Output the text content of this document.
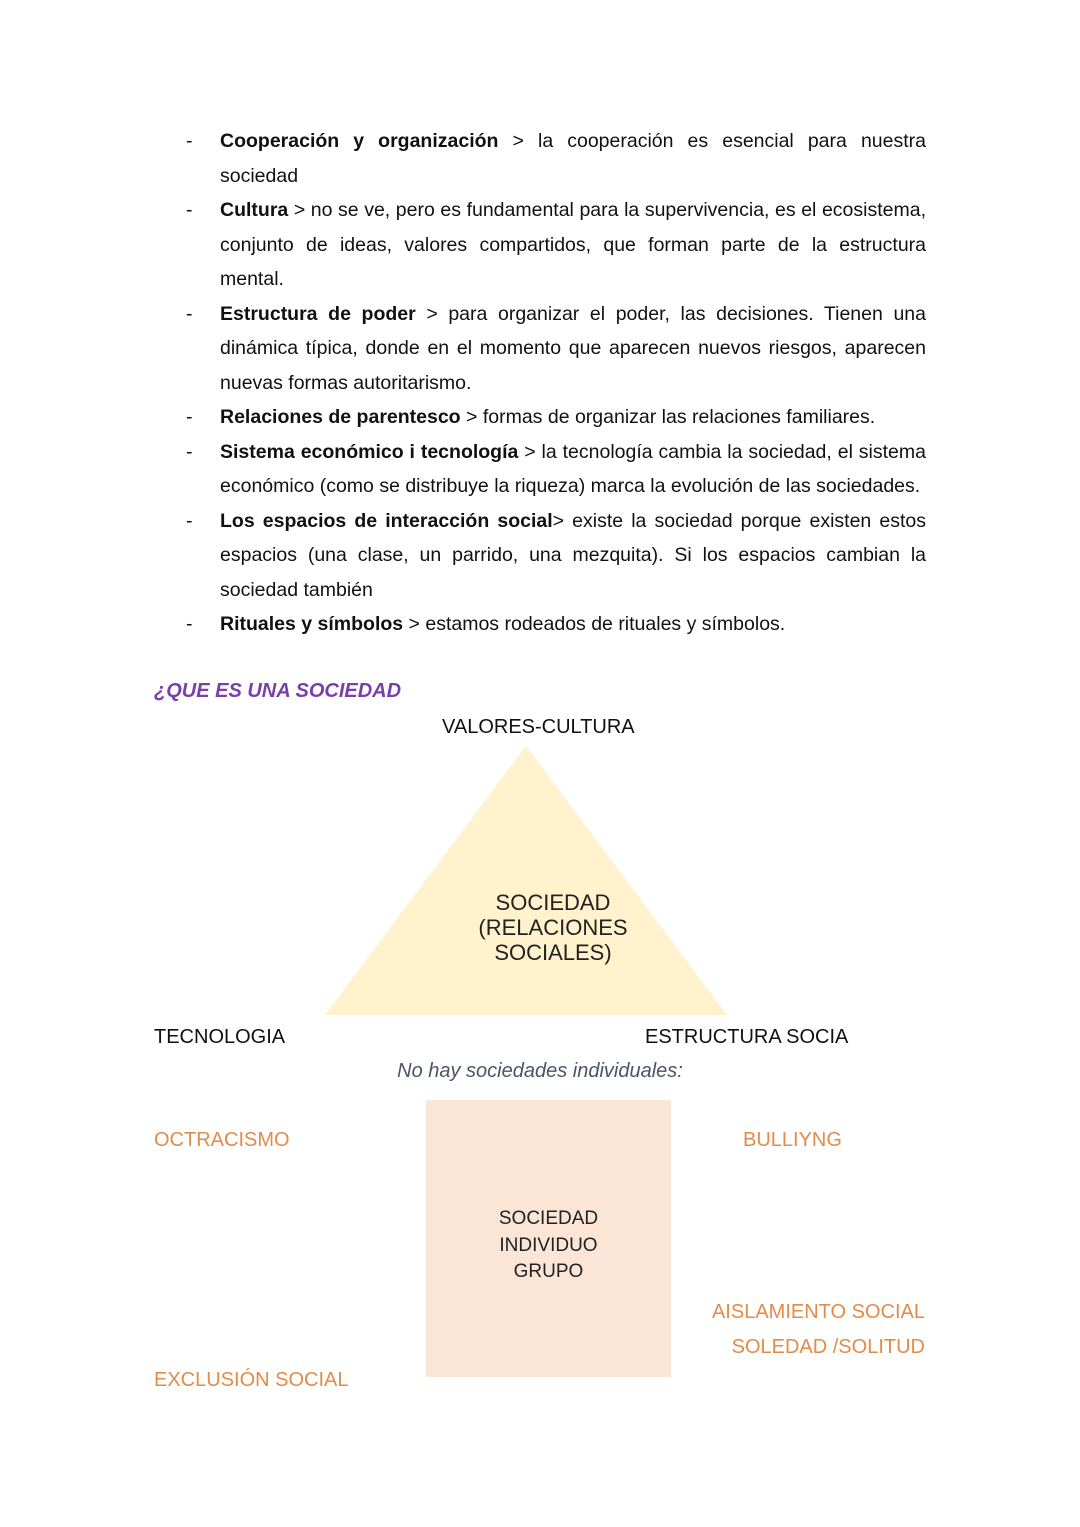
- Cooperación y organización > la cooperación es esencial para nuestra sociedad
- Cultura > no se ve, pero es fundamental para la supervivencia, es el ecosistema, conjunto de ideas, valores compartidos, que forman parte de la estructura mental.
- Estructura de poder > para organizar el poder, las decisiones. Tienen una dinámica típica, donde en el momento que aparecen nuevos riesgos, aparecen nuevas formas autoritarismo.
- Relaciones de parentesco > formas de organizar las relaciones familiares.
- Sistema económico i tecnología > la tecnología cambia la sociedad, el sistema económico (como se distribuye la riqueza) marca la evolución de las sociedades.
- Los espacios de interacción social> existe la sociedad porque existen estos espacios (una clase, un parrido, una mezquita). Si los espacios cambian la sociedad también
- Rituales y símbolos > estamos rodeados de rituales y símbolos.
¿QUE ES UNA SOCIEDAD
VALORES-CULTURA
SOCIEDAD
(RELACIONES
SOCIALES)
TECNOLOGIA	ESTRUCTURA SOCIA
No hay sociedades individuales:
SOCIEDAD
INDIVIDUO
GRUPO
OCTRACISMO	BULLIYNG
AISLAMIENTO SOCIAL
SOLEDAD /SOLITUD
EXCLUSIÓN SOCIAL
